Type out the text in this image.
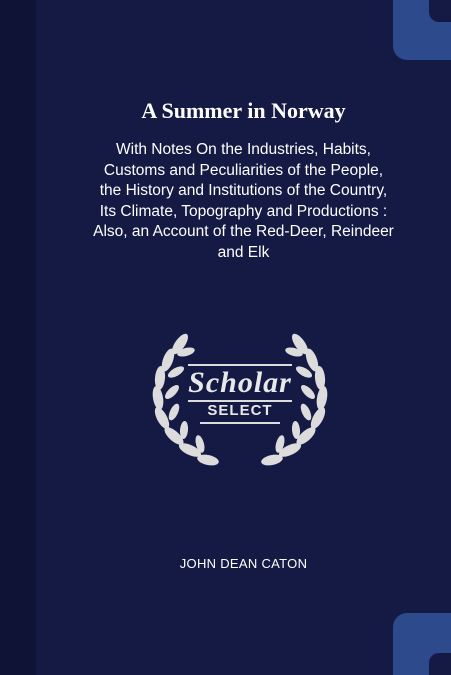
A Summer in Norway
With Notes On the Industries, Habits,
Customs and Peculiarities of the People,
the History and Institutions of the Country,
Its Climate, Topography and Productions :
Also, an Account of the Red-Deer, Reindeer
and Elk
Scholar
SELECT
JOHN DEAN CATON
